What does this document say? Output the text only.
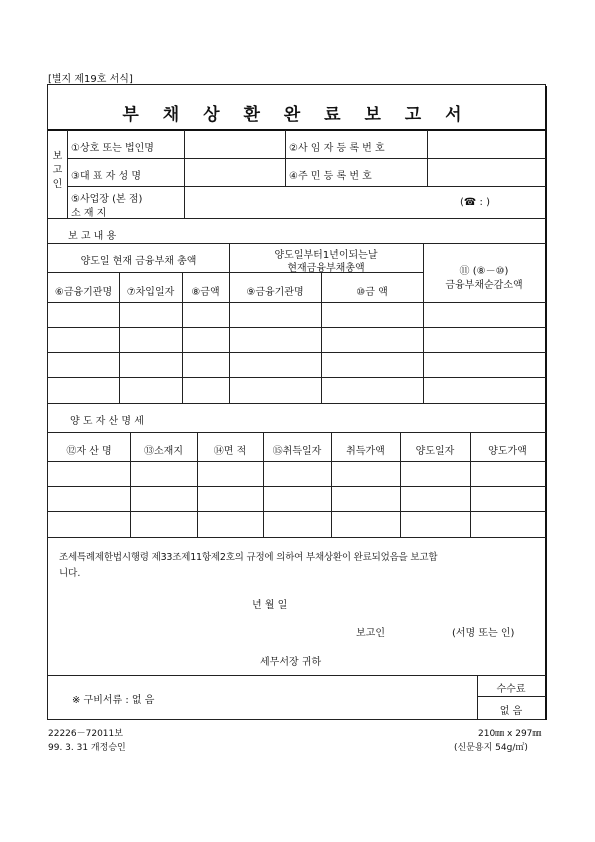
[별지 제19호 서식]
부 채 상 환 완 료 보 고 서
보
고
인
①상호 또는 법인명	②사 임 자 등 록 번 호
③대 표 자 성 명	④주 민 등 록 번 호
⑤사업장 (본 점)
소 재 지
(☎ : )
보 고 내 용
양도일 현재 금융부채 총액
양도일부터1년이되는날
현재금융부채총액	⑪ (⑧－⑩)
금융부채순감소액
⑥금융기관명	⑦차입일자	⑧금액	⑨금융기관명	⑩금 액
양 도 자 산 명 세
⑫자 산 명	⑬소재지	⑭면 적	⑮취득일자	취득가액	양도일자	양도가액
조세특례제한법시행령 제33조제11항제2호의 규정에 의하여 부채상환이 완료되었음을 보고합
니다.
년 월 일
보고인	(서명 또는 인)
세무서장 귀하
※ 구비서류 : 없 음
수수료
없 음
22226－72011보
99. 3. 31 개정승인
210㎜ x 297㎜
(신문용지 54g/㎡)
